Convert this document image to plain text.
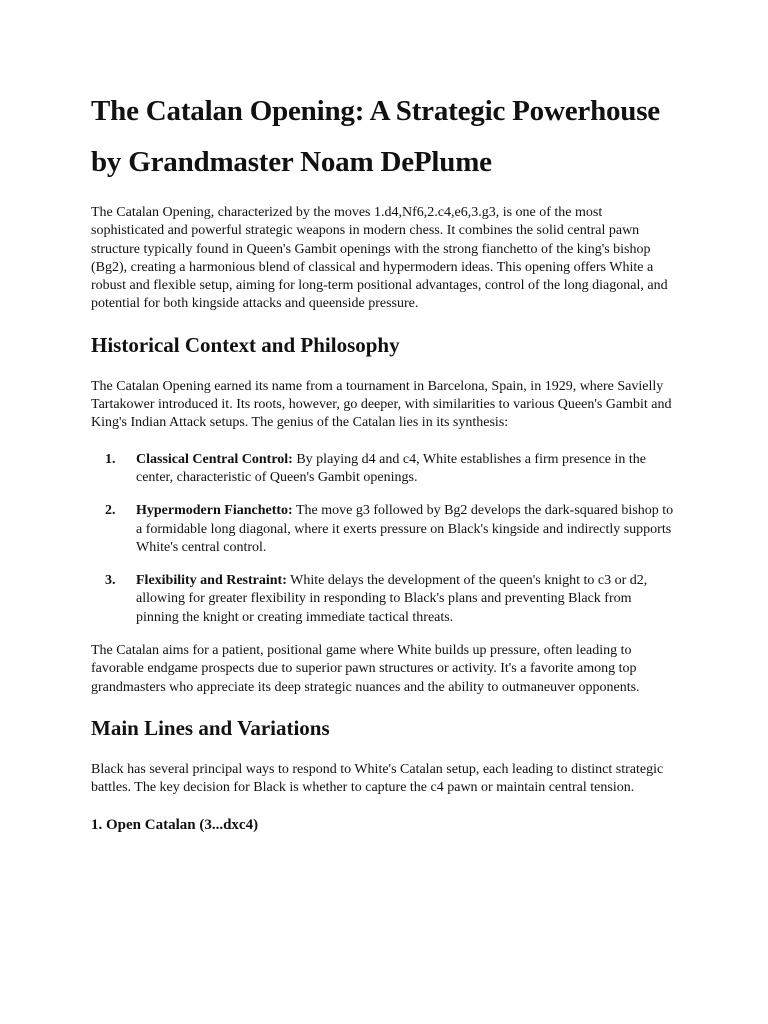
The Catalan Opening: A Strategic Powerhouse
by Grandmaster Noam DePlume

The Catalan Opening, characterized by the moves 1.d4,Nf6,2.c4,e6,3.g3, is one of the most sophisticated and powerful strategic weapons in modern chess. It combines the solid central pawn structure typically found in Queen's Gambit openings with the strong fianchetto of the king's bishop (Bg2), creating a harmonious blend of classical and hypermodern ideas. This opening offers White a robust and flexible setup, aiming for long-term positional advantages, control of the long diagonal, and potential for both kingside attacks and queenside pressure.

Historical Context and Philosophy

The Catalan Opening earned its name from a tournament in Barcelona, Spain, in 1929, where Savielly Tartakower introduced it. Its roots, however, go deeper, with similarities to various Queen's Gambit and King's Indian Attack setups. The genius of the Catalan lies in its synthesis:

1. Classical Central Control: By playing d4 and c4, White establishes a firm presence in the center, characteristic of Queen's Gambit openings.
2. Hypermodern Fianchetto: The move g3 followed by Bg2 develops the dark-squared bishop to a formidable long diagonal, where it exerts pressure on Black's kingside and indirectly supports White's central control.
3. Flexibility and Restraint: White delays the development of the queen's knight to c3 or d2, allowing for greater flexibility in responding to Black's plans and preventing Black from pinning the knight or creating immediate tactical threats.

The Catalan aims for a patient, positional game where White builds up pressure, often leading to favorable endgame prospects due to superior pawn structures or activity. It's a favorite among top grandmasters who appreciate its deep strategic nuances and the ability to outmaneuver opponents.

Main Lines and Variations

Black has several principal ways to respond to White's Catalan setup, each leading to distinct strategic battles. The key decision for Black is whether to capture the c4 pawn or maintain central tension.

1. Open Catalan (3...dxc4)
